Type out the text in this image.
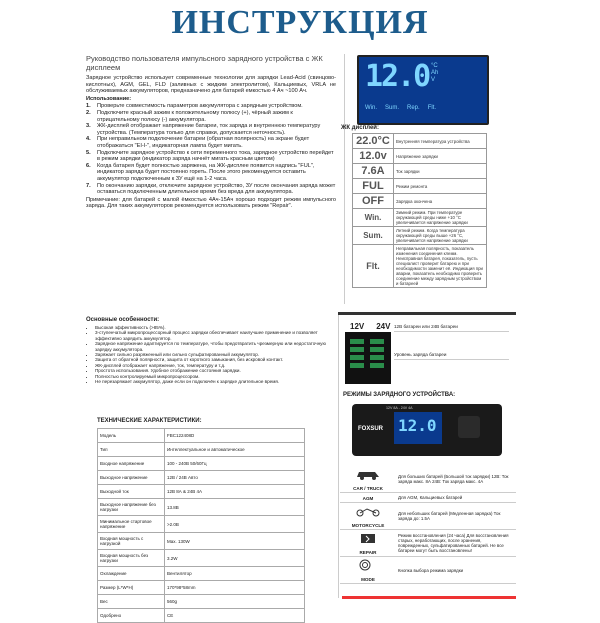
ИНСТРУКЦИЯ
Руководство пользователя импульсного зарядного устройства с ЖК дисплеем
Зарядное устройство использует современные технологии для зарядки Lead-Acid (свинцово-кислотных), AGM, GEL, FLD (заливных с жидким электролитом), Кальциевых, VRLA не обслуживаемых аккумуляторов, предназначено для батарей емкостью 4 Ач ~100 Ач.
Использование:
1.	Проверьте совместимость параметров аккумулятора с зарядным устройством.
2.	Подключите красный зажим к положительному полюсу (+), чёрный зажим к отрицательному полюсу (-) аккумулятора.
3.	ЖК-дисплей отображает напряжение батареи, ток заряда и внутреннюю температуру устройства. (Температура только для справки, допускается неточность).
4.	При неправильном подключение батареи (обратная полярность) на экране будет отображаться "EI-I-", индикаторная лампа будет мигать.
5.	Подключите зарядное устройство к сети переменного тока, зарядное устройство перейдет в режим зарядки (индикатор заряда начнёт мигать красным цветом)
6.	Когда батарея будет полностью заряжена, на ЖК-дисплее появится надпись "FUL", индикатор заряда будет постоянно гореть. После этого рекомендуется оставить аккумулятор подключенным к ЗУ ещё на 1-2 часа.
7.	По окончанию зарядки, отключите зарядное устройство, ЗУ после окончания заряда может оставаться подключенным длительное время без вреда для аккумулятора.
Примечание: для батарей с малой ёмкостью 4Ач-15Ач хорошо подходит режим импульсного заряда. Для таких аккумуляторов рекомендуется использовать режим "Repair".
12.0 °C
Ah
V
Win. Sum. Rep. Flt.
ЖК дисплей:
22.0°C	Внутренняя температура устройства
12.0v	Напряжение зарядки
7.6A	Ток зарядки
FUL	Режим ремонта
OFF	Зарядка окончена
Win.	Зимний режим. При температуре окружающей среды ниже +10 °C увеличивается напряжение зарядки
Sum.	Летний режим. Когда температура окружающей среды выше +26 °C, увеличивается напряжение зарядки
Flt.	Неправильная полярность, показатель изменения соединения клемм. Неисправная батарея, показатель, пусть специалист проверит батарею и при необходимости заменит её. Индикация при аварии, показатель необходимо проверить соединение между зарядным устройством и батареей
Основные особенности:
• Высокая эффективность (>85%).
• 3-ступенчатый микропроцессорный процесс зарядки обеспечивает наилучшее применение и позволяет эффективно зарядить аккумулятор.
• Зарядное напряжение адаптируется по температуре, чтобы предотвратить чрезмерную или недостаточную зарядку аккумулятора.
• Заряжает сильно разряженный или сильно сульфатированный аккумулятор.
• Защита от обратной полярности, защита от короткого замыкания, без искровой контакт.
• ЖК-дисплей отображает напряжение, ток, температуру и т.д.
• Простота использования. Удобное отображение состояния зарядки.
• Полностью контролируемый микропроцессором.
• Не перезаряжает аккумулятор, даже если он подключён к зарядке длительное время.
ТЕХНИЧЕСКИЕ ХАРАКТЕРИСТИКИ:
Модель	FBC122408D
Тип	Интеллектуальное и автоматическое
Входное напряжение	100 - 240В 50/60Гц
Выходное напряжение	12В / 24В Авто
Выходной ток	12В 8А & 24В 4А
Выходное напряжение без нагрузки	13.8В
Минимальное стартовое напряжение	>2.0В
Входная мощность с нагрузкой	Max. 130W
Входная мощность без нагрузки	3.2W
Охлаждение	Вентилятор
Размер (L*W*H)	170*98*58mm
Вес	560g
Одобрено	CE
12V 24V 12В батареи или 24В батареи
Уровень заряда батареи
РЕЖИМЫ ЗАРЯДНОГО УСТРОЙСТВА:
12V 8A - 24V 4A
FOXSUR 12.0
CAR / TRUCK	Для больших батарей (Большой ток зарядки) 12В: Ток заряда макс. 8А 24В: Ток заряда макс. 4А

AGM	Для AGM, Кальциевых батарей

MOTORCYCLE	Для небольших батарей (Медленная зарядка) Ток заряда до: 1.5А

REPAIR	Режим восстановления (24 часа) Для восстановления старых, неработающих, после хранения, поврежденных, сульфатированных батарей. Не все батареи могут быть восстановлены!

MODE	Кнопка выбора режима зарядки
